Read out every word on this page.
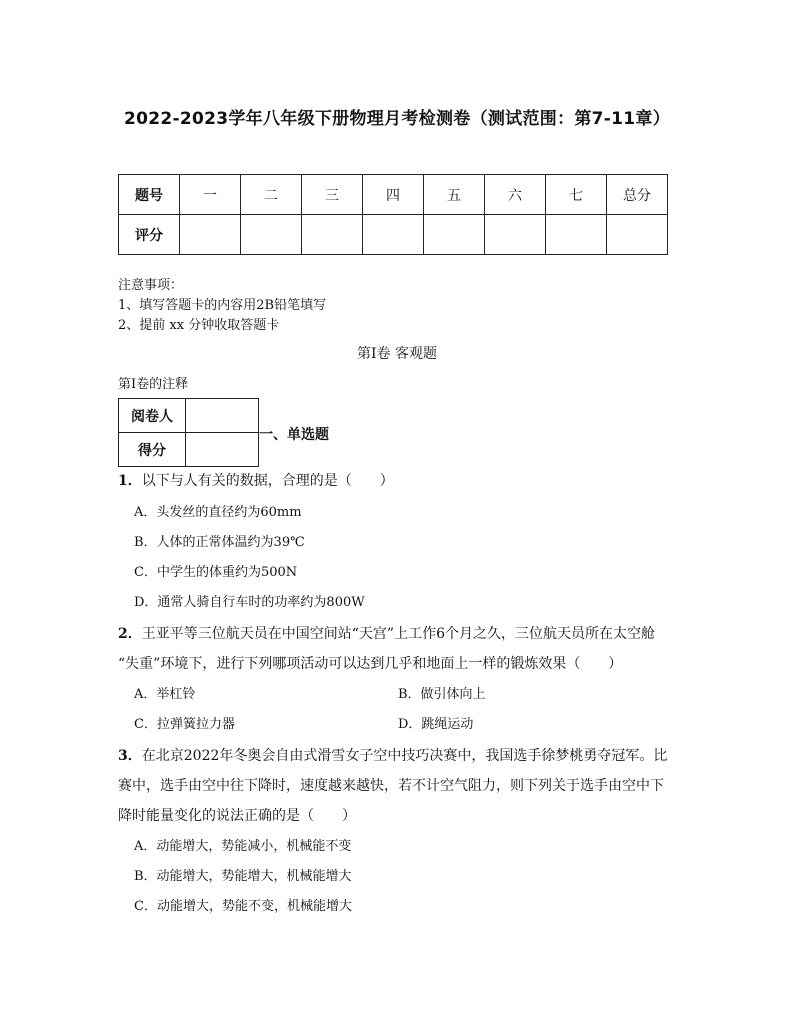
2022-2023学年八年级下册物理月考检测卷（测试范围：第7-11章）
题号	一	二	三	四	五	六	七	总分
评分								
注意事项：
1、填写答题卡的内容用2B铅笔填写
2、提前 xx 分钟收取答题卡
第Ⅰ卷 客观题
第Ⅰ卷的注释
阅卷人	
得分	
一、单选题
1．以下与人有关的数据，合理的是（　　）
A．头发丝的直径约为60mm
B．人体的正常体温约为39℃
C．中学生的体重约为500N
D．通常人骑自行车时的功率约为800W
2．王亚平等三位航天员在中国空间站“天宫”上工作6个月之久，三位航天员所在太空舱
“失重”环境下，进行下列哪项活动可以达到几乎和地面上一样的锻炼效果（　　）
A．举杠铃	B．做引体向上
C．拉弹簧拉力器	D．跳绳运动
3．在北京2022年冬奥会自由式滑雪女子空中技巧决赛中，我国选手徐梦桃勇夺冠军。比
赛中，选手由空中往下降时，速度越来越快，若不计空气阻力，则下列关于选手由空中下
降时能量变化的说法正确的是（　　）
A．动能增大，势能减小，机械能不变
B．动能增大，势能增大，机械能增大
C．动能增大，势能不变，机械能增大
